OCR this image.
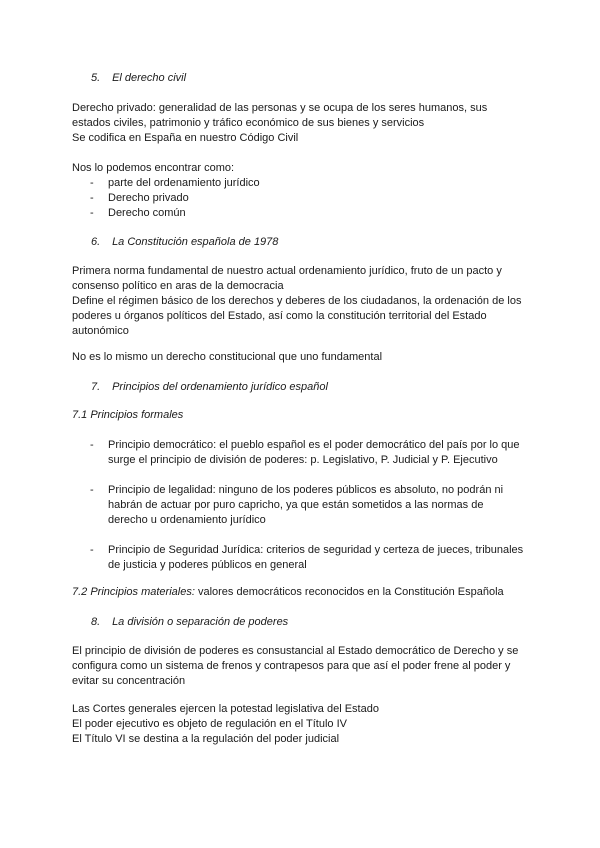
5. El derecho civil

Derecho privado: generalidad de las personas y se ocupa de los seres humanos, sus
estados civiles, patrimonio y tráfico económico de sus bienes y servicios
Se codifica en España en nuestro Código Civil

Nos lo podemos encontrar como:

- parte del ordenamiento jurídico
- Derecho privado
- Derecho común
6. La Constitución española de 1978

Primera norma fundamental de nuestro actual ordenamiento jurídico, fruto de un pacto y
consenso político en aras de la democracia
Define el régimen básico de los derechos y deberes de los ciudadanos, la ordenación de los
poderes u órganos políticos del Estado, así como la constitución territorial del Estado
autonómico

No es lo mismo un derecho constitucional que uno fundamental

7. Principios del ordenamiento jurídico español
7.1 Principios formales
- Principio democrático: el pueblo español es el poder democrático del país por lo que
surge el principio de división de poderes: p. Legislativo, P. Judicial y P. Ejecutivo
- Principio de legalidad: ninguno de los poderes públicos es absoluto, no podrán ni
habrán de actuar por puro capricho, ya que están sometidos a las normas de
derecho u ordenamiento jurídico
- Principio de Seguridad Jurídica: criterios de seguridad y certeza de jueces, tribunales
de justicia y poderes públicos en general

7.2 Principios materiales: valores democráticos reconocidos en la Constitución Española

8. La división o separación de poderes

El principio de división de poderes es consustancial al Estado democrático de Derecho y se
configura como un sistema de frenos y contrapesos para que así el poder frene al poder y
evitar su concentración

Las Cortes generales ejercen la potestad legislativa del Estado
El poder ejecutivo es objeto de regulación en el Título IV
El Título VI se destina a la regulación del poder judicial
